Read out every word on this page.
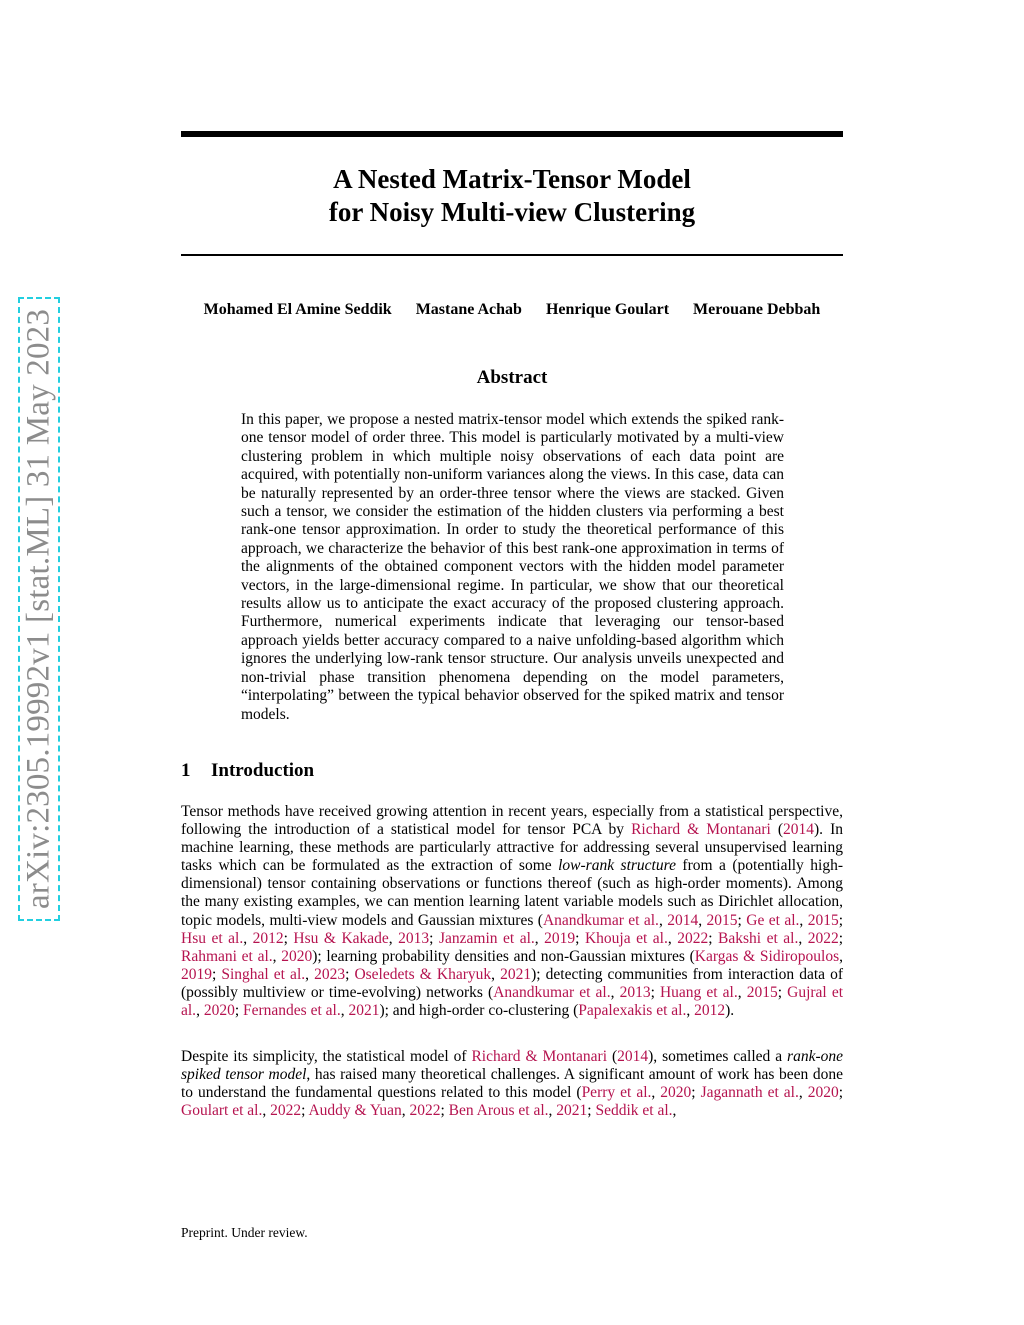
arXiv:2305.19992v1 [stat.ML] 31 May 2023
A Nested Matrix-Tensor Model
for Noisy Multi-view Clustering
Mohamed El Amine Seddik Mastane Achab Henrique Goulart Merouane Debbah
Abstract

In this paper, we propose a nested matrix-tensor model which extends the spiked rank-one tensor model of order three. This model is particularly motivated by a multi-view clustering problem in which multiple noisy observations of each data point are acquired, with potentially non-uniform variances along the views. In this case, data can be naturally represented by an order-three tensor where the views are stacked. Given such a tensor, we consider the estimation of the hidden clusters via performing a best rank-one tensor approximation. In order to study the theoretical performance of this approach, we characterize the behavior of this best rank-one approximation in terms of the alignments of the obtained component vectors with the hidden model parameter vectors, in the large-dimensional regime. In particular, we show that our theoretical results allow us to anticipate the exact accuracy of the proposed clustering approach. Furthermore, numerical experiments indicate that leveraging our tensor-based approach yields better accuracy compared to a naive unfolding-based algorithm which ignores the underlying low-rank tensor structure. Our analysis unveils unexpected and non-trivial phase transition phenomena depending on the model parameters, “interpolating” between the typical behavior observed for the spiked matrix and tensor models.

1 Introduction

Tensor methods have received growing attention in recent years, especially from a statistical perspective, following the introduction of a statistical model for tensor PCA by Richard & Montanari (2014). In machine learning, these methods are particularly attractive for addressing several unsupervised learning tasks which can be formulated as the extraction of some low-rank structure from a (potentially high-dimensional) tensor containing observations or functions thereof (such as high-order moments). Among the many existing examples, we can mention learning latent variable models such as Dirichlet allocation, topic models, multi-view models and Gaussian mixtures (Anandkumar et al., 2014, 2015; Ge et al., 2015; Hsu et al., 2012; Hsu & Kakade, 2013; Janzamin et al., 2019; Khouja et al., 2022; Bakshi et al., 2022; Rahmani et al., 2020); learning probability densities and non-Gaussian mixtures (Kargas & Sidiropoulos, 2019; Singhal et al., 2023; Oseledets & Kharyuk, 2021); detecting communities from interaction data of (possibly multiview or time-evolving) networks (Anandkumar et al., 2013; Huang et al., 2015; Gujral et al., 2020; Fernandes et al., 2021); and high-order co-clustering (Papalexakis et al., 2012).

Despite its simplicity, the statistical model of Richard & Montanari (2014), sometimes called a rank-one spiked tensor model, has raised many theoretical challenges. A significant amount of work has been done to understand the fundamental questions related to this model (Perry et al., 2020; Jagannath et al., 2020; Goulart et al., 2022; Auddy & Yuan, 2022; Ben Arous et al., 2021; Seddik et al.,

Preprint. Under review.
